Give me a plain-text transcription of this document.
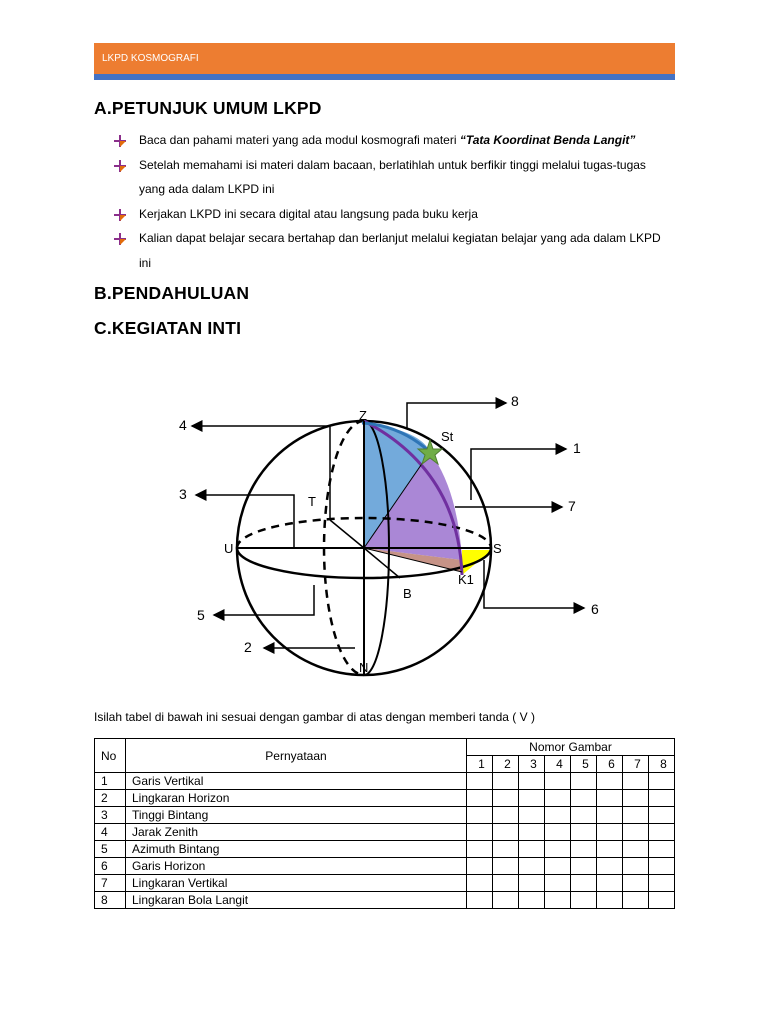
LKPD KOSMOGRAFI
A.PETUNJUK UMUM LKPD
Baca dan pahami materi yang ada modul kosmografi materi “Tata Koordinat Benda Langit”
Setelah memahami isi materi dalam bacaan, berlatihlah untuk berfikir tinggi melalui tugas-tugas yang ada dalam LKPD ini
Kerjakan LKPD ini secara digital atau langsung pada buku kerja
Kalian dapat belajar secara bertahap dan berlanjut melalui kegiatan belajar yang ada dalam LKPD ini
B.PENDAHULUAN
C.KEGIATAN INTI
Z
N
U	S
T
B
St
K1
4
3
5
2
8
1
7
6
Isilah tabel di bawah ini sesuai dengan gambar di atas dengan memberi tanda ( V )
No	Pernyataan	Nomor Gambar							
		1	2	3	4	5	6	7	8
1	Garis Vertikal								
2	Lingkaran Horizon								
3	Tinggi Bintang								
4	Jarak Zenith								
5	Azimuth Bintang								
6	Garis Horizon								
7	Lingkaran Vertikal								
8	Lingkaran Bola Langit								
